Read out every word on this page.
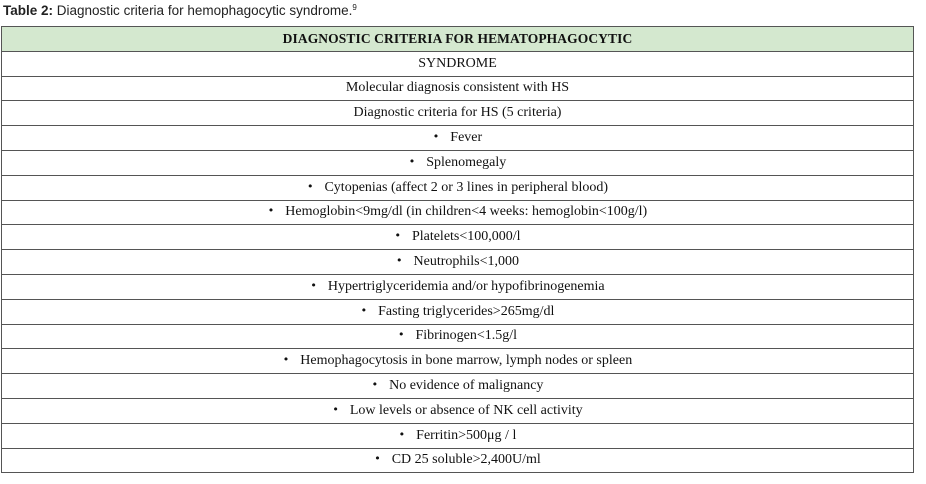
Table 2: Diagnostic criteria for hemophagocytic syndrome.$^9$
DIAGNOSTIC CRITERIA FOR HEMATOPHAGOCYTIC
SYNDROME
Molecular diagnosis consistent with HS
Diagnostic criteria for HS (5 criteria)
• Fever
• Splenomegaly
• Cytopenias (affect 2 or 3 lines in peripheral blood)
• Hemoglobin<9mg/dl (in children<4 weeks: hemoglobin<100g/l)
• Platelets<100,000/l
• Neutrophils<1,000
• Hypertriglyceridemia and/or hypofibrinogenemia
• Fasting triglycerides>265mg/dl
• Fibrinogen<1.5g/l
• Hemophagocytosis in bone marrow, lymph nodes or spleen
• No evidence of malignancy
• Low levels or absence of NK cell activity
• Ferritin>500μg / l
• CD 25 soluble>2,400U/ml
